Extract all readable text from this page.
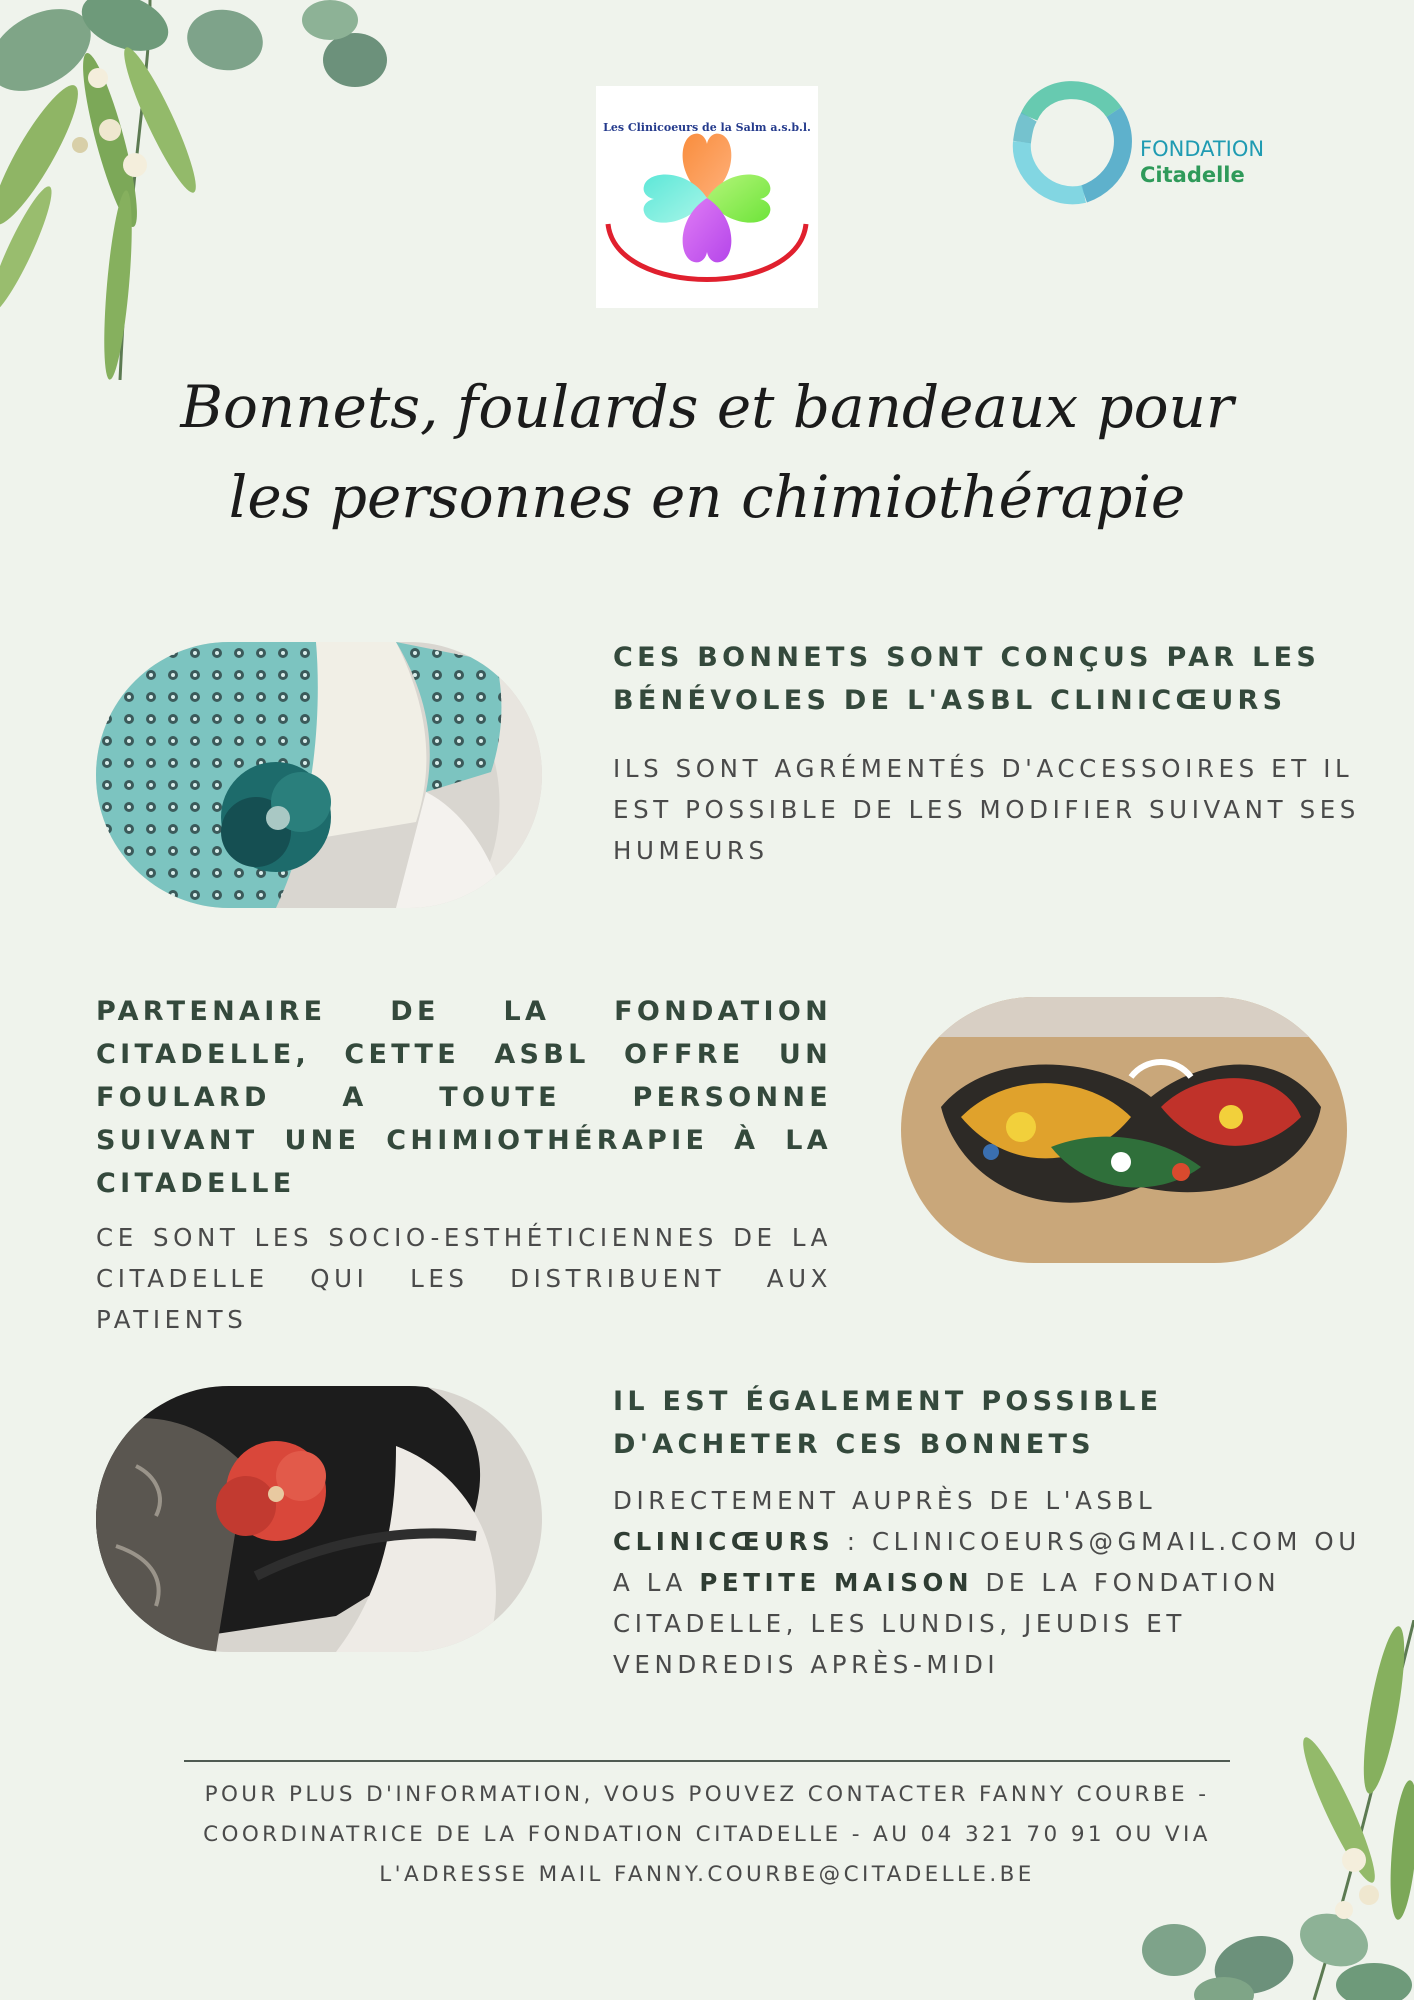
Les Clinicoeurs de la Salm a.s.b.l.
FONDATION
Citadelle
Bonnets, foulards et bandeaux pour
les personnes en chimiothérapie

CES BONNETS SONT CONÇUS PAR LES BÉNÉVOLES DE L'ASBL CLINICŒURS

ILS SONT AGRÉMENTÉS D'ACCESSOIRES ET IL EST POSSIBLE DE LES MODIFIER SUIVANT SES HUMEURS

PARTENAIRE DE LA FONDATION CITADELLE, CETTE ASBL OFFRE UN FOULARD A TOUTE PERSONNE SUIVANT UNE CHIMIOTHÉRAPIE À LA CITADELLE

CE SONT LES SOCIO-ESTHÉTICIENNES DE LA CITADELLE QUI LES DISTRIBUENT AUX PATIENTS

IL EST ÉGALEMENT POSSIBLE D'ACHETER CES BONNETS

DIRECTEMENT AUPRÈS DE L'ASBL CLINICŒURS : CLINICOEURS@GMAIL.COM OU A LA PETITE MAISON DE LA FONDATION CITADELLE, LES LUNDIS, JEUDIS ET VENDREDIS APRÈS-MIDI

POUR PLUS D'INFORMATION, VOUS POUVEZ CONTACTER FANNY COURBE -
COORDINATRICE DE LA FONDATION CITADELLE - AU 04 321 70 91 OU VIA
L'ADRESSE MAIL FANNY.COURBE@CITADELLE.BE
